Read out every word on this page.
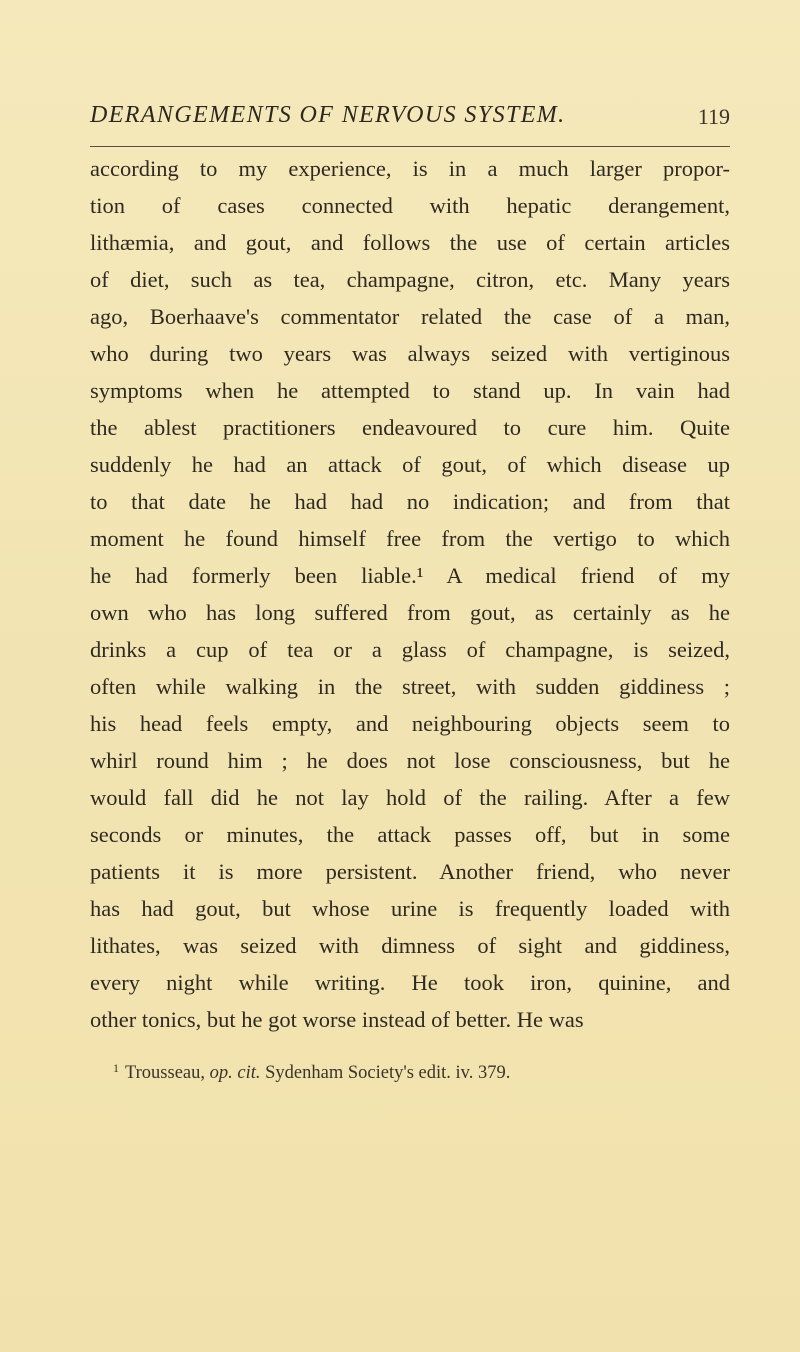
DERANGEMENTS OF NERVOUS SYSTEM.	119
according to my experience, is in a much larger propor-
tion of cases connected with hepatic derangement,
lithæmia, and gout, and follows the use of certain articles
of diet, such as tea, champagne, citron, etc. Many years
ago, Boerhaave's commentator related the case of a man,
who during two years was always seized with vertiginous
symptoms when he attempted to stand up. In vain had
the ablest practitioners endeavoured to cure him. Quite
suddenly he had an attack of gout, of which disease up
to that date he had had no indication; and from that
moment he found himself free from the vertigo to which
he had formerly been liable.¹ A medical friend of my
own who has long suffered from gout, as certainly as he
drinks a cup of tea or a glass of champagne, is seized,
often while walking in the street, with sudden giddiness ;
his head feels empty, and neighbouring objects seem to
whirl round him ; he does not lose consciousness, but he
would fall did he not lay hold of the railing. After a few
seconds or minutes, the attack passes off, but in some
patients it is more persistent. Another friend, who never
has had gout, but whose urine is frequently loaded with
lithates, was seized with dimness of sight and giddiness,
every night while writing. He took iron, quinine, and
other tonics, but he got worse instead of better. He was
$^1$ Trousseau, op. cit. Sydenham Society's edit. iv. 379.
